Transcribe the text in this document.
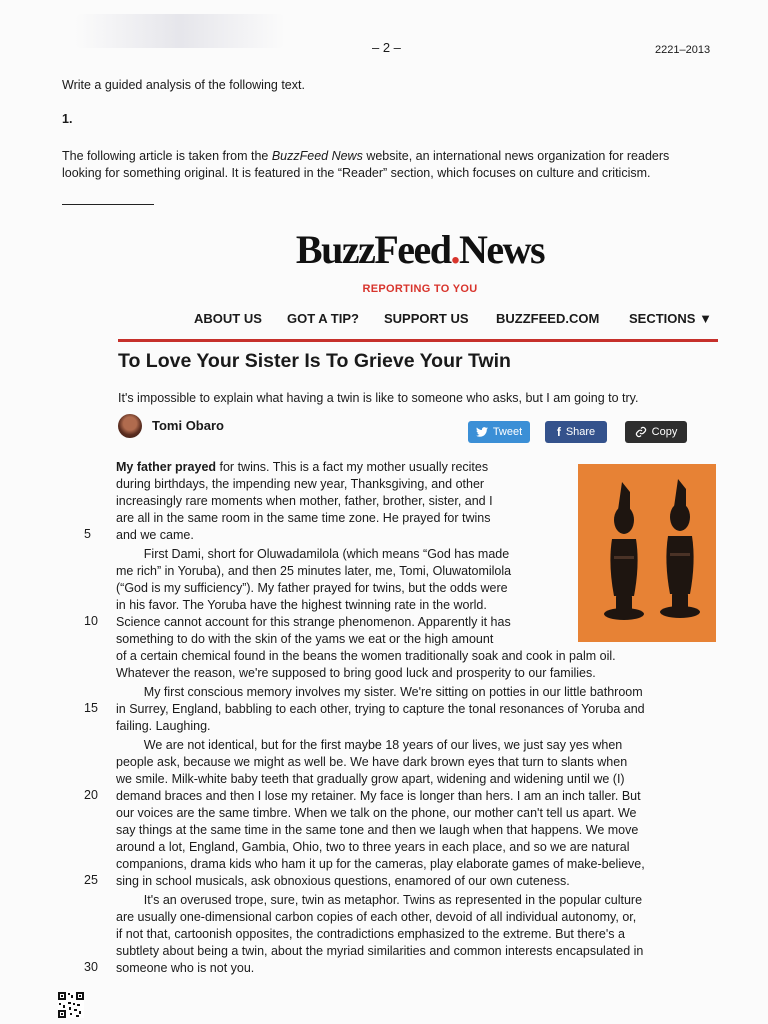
– 2 –	2221–2013
Write a guided analysis of the following text.
1.
The following article is taken from the BuzzFeed News website, an international news organization for readers looking for something original. It is featured in the “Reader” section, which focuses on culture and criticism.
BuzzFeed.News
REPORTING TO YOU
ABOUT US GOT A TIP? SUPPORT US BUZZFEED.COM SECTIONS ▼
To Love Your Sister Is To Grieve Your Twin
It's impossible to explain what having a twin is like to someone who asks, but I am going to try.
Tomi Obaro	Tweet	f Share	Copy
My father prayed for twins. This is a fact my mother usually recites
during birthdays, the impending new year, Thanksgiving, and other
increasingly rare moments when mother, father, brother, sister, and I
are all in the same room in the same time zone. He prayed for twins
and we came.
First Dami, short for Oluwadamilola (which means “God has made
me rich” in Yoruba), and then 25 minutes later, me, Tomi, Oluwatomilola
(“God is my sufficiency”). My father prayed for twins, but the odds were
in his favor. The Yoruba have the highest twinning rate in the world.
Science cannot account for this strange phenomenon. Apparently it has
something to do with the skin of the yams we eat or the high amount
of a certain chemical found in the beans the women traditionally soak and cook in palm oil.
Whatever the reason, we're supposed to bring good luck and prosperity to our families.
My first conscious memory involves my sister. We're sitting on potties in our little bathroom
in Surrey, England, babbling to each other, trying to capture the tonal resonances of Yoruba and
failing. Laughing.
We are not identical, but for the first maybe 18 years of our lives, we just say yes when
people ask, because we might as well be. We have dark brown eyes that turn to slants when
we smile. Milk-white baby teeth that gradually grow apart, widening and widening until we (I)
demand braces and then I lose my retainer. My face is longer than hers. I am an inch taller. But
our voices are the same timbre. When we talk on the phone, our mother can't tell us apart. We
say things at the same time in the same tone and then we laugh when that happens. We move
around a lot, England, Gambia, Ohio, two to three years in each place, and so we are natural
companions, drama kids who ham it up for the cameras, play elaborate games of make-believe,
sing in school musicals, ask obnoxious questions, enamored of our own cuteness.
It's an overused trope, sure, twin as metaphor. Twins as represented in the popular culture
are usually one-dimensional carbon copies of each other, devoid of all individual autonomy, or,
if not that, cartoonish opposites, the contradictions emphasized to the extreme. But there's a
subtlety about being a twin, about the myriad similarities and common interests encapsulated in
someone who is not you.
5
10
15
20
25
30
